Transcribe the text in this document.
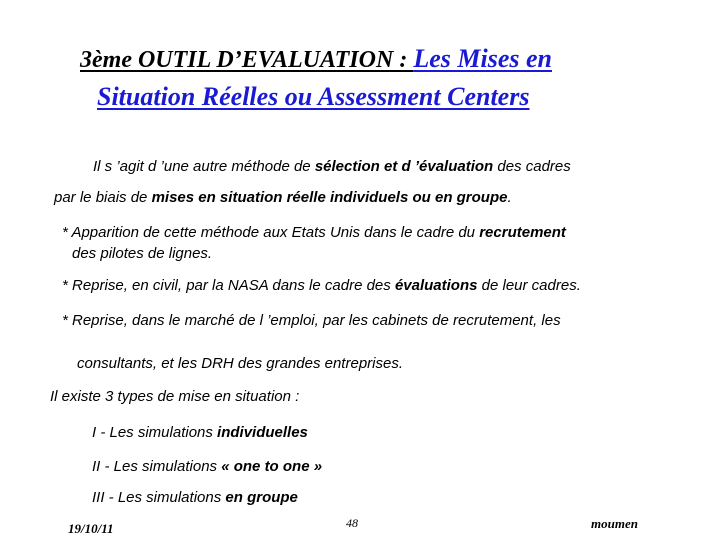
3ème OUTIL D’EVALUATION : Les Mises en
Situation Réelles ou Assessment Centers
Il s ’agit d ’une autre méthode de sélection et d ’évaluation des cadres
par le biais de mises en situation réelle individuels ou en groupe.
* Apparition de cette méthode aux Etats Unis dans le cadre du recrutement
des pilotes de lignes.
* Reprise, en civil, par la NASA dans le cadre des évaluations de leur cadres.
* Reprise, dans le marché de l ’emploi, par les cabinets de recrutement, les
consultants, et les DRH des grandes entreprises.
Il existe 3 types de mise en situation :
I - Les simulations individuelles
II - Les simulations « one to one »
III - Les simulations en groupe
19/10/11	48	moumen
